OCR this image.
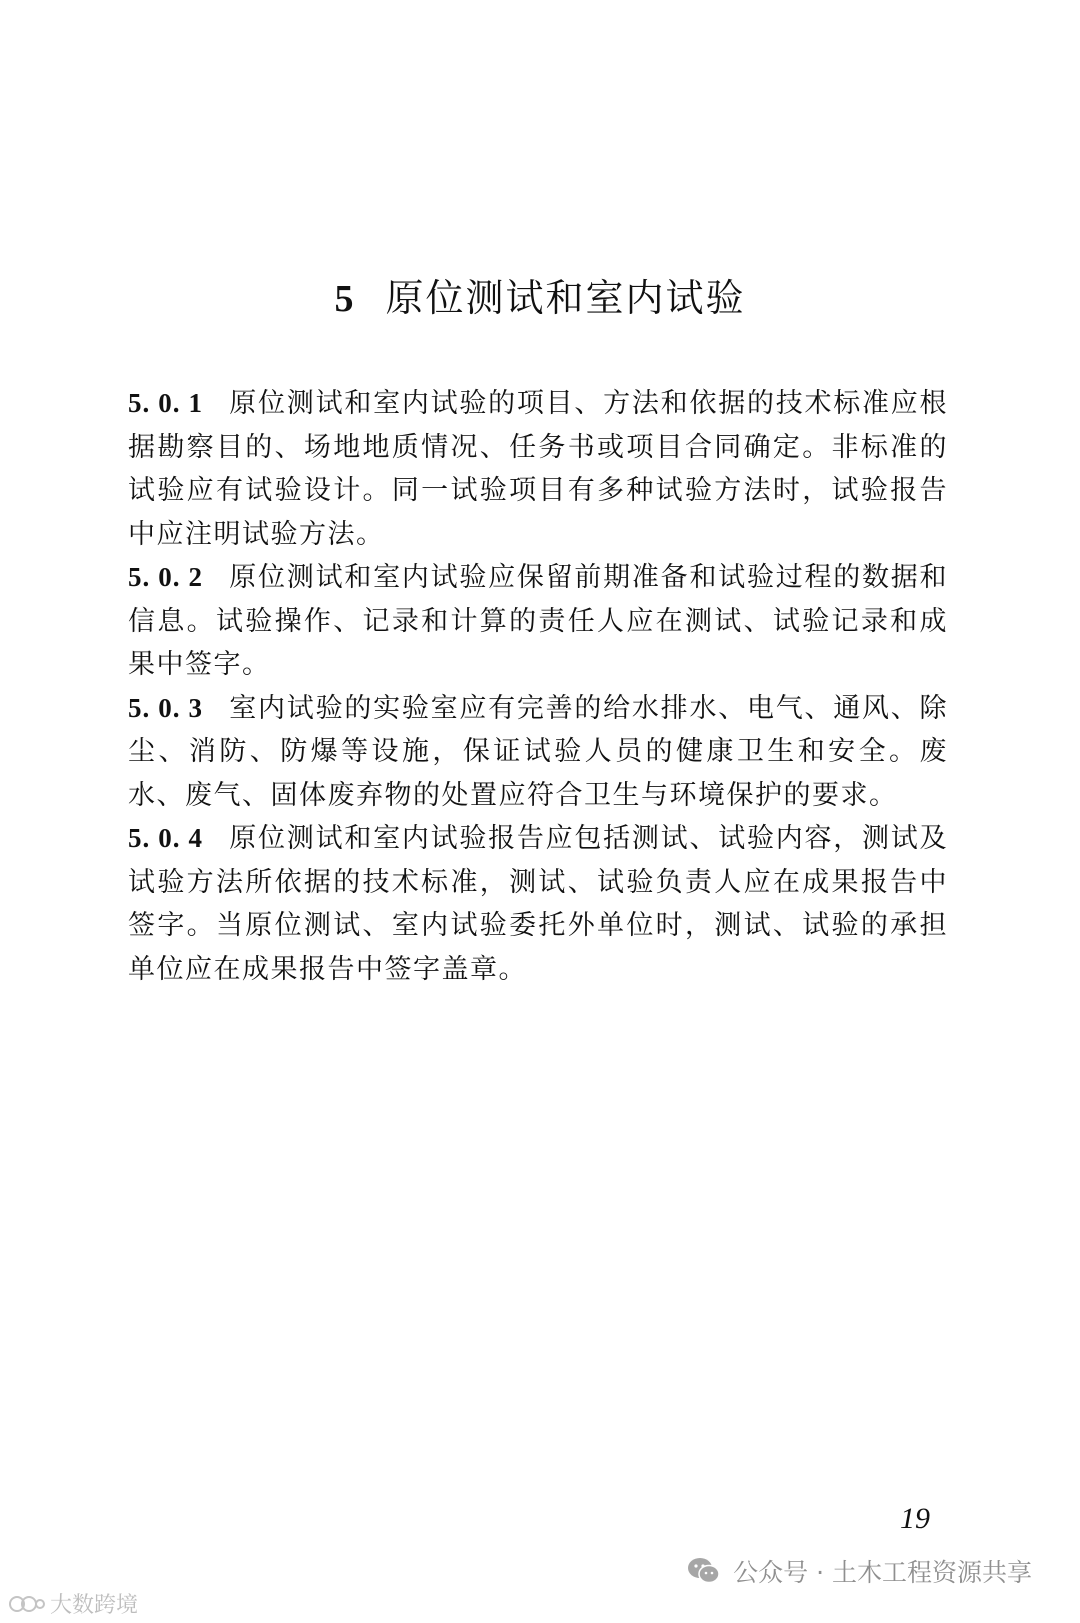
5 原位测试和室内试验

5. 0. 1 原位测试和室内试验的项目、方法和依据的技术标准应根据勘察目的、场地地质情况、任务书或项目合同确定。非标准的试验应有试验设计。同一试验项目有多种试验方法时，试验报告中应注明试验方法。

5. 0. 2 原位测试和室内试验应保留前期准备和试验过程的数据和信息。试验操作、记录和计算的责任人应在测试、试验记录和成果中签字。

5. 0. 3 室内试验的实验室应有完善的给水排水、电气、通风、除尘、消防、防爆等设施，保证试验人员的健康卫生和安全。废水、废气、固体废弃物的处置应符合卫生与环境保护的要求。

5. 0. 4 原位测试和室内试验报告应包括测试、试验内容，测试及试验方法所依据的技术标准，测试、试验负责人应在成果报告中签字。当原位测试、室内试验委托外单位时，测试、试验的承担单位应在成果报告中签字盖章。

19
公众号 · 土木工程资源共享
大数跨境
